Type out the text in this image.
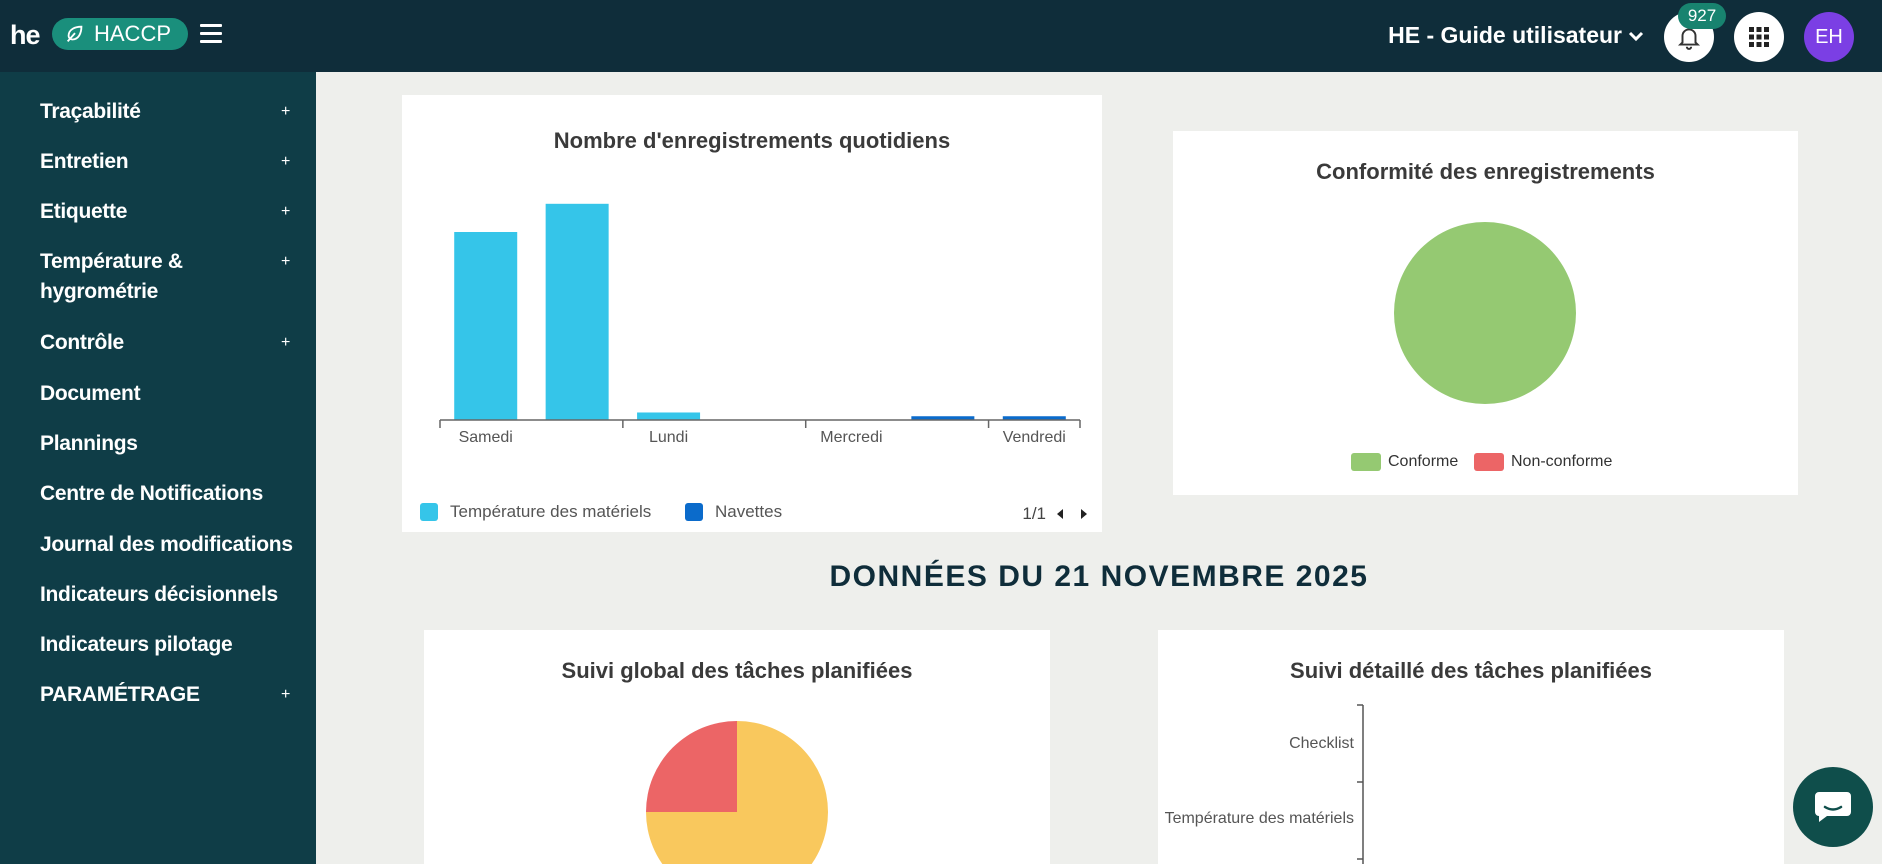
he HACCP	HE - Guide utilisateur
927
EH
Traçabilité	+
Entretien	+
Etiquette	+
Température & hygrométrie
+
Contrôle	+
Document
Plannings
Centre de Notifications
Journal des modifications
Indicateurs décisionnels
Indicateurs pilotage
PARAMÉTRAGE	+
Nombre d'enregistrements quotidiens
Samedi	Lundi	Mercredi	Vendredi
Température des matériels	Navettes	1/1
Conformité des enregistrements
Conforme	Non-conforme
DONNÉES DU 21 NOVEMBRE 2025
Suivi global des tâches planifiées	Suivi détaillé des tâches planifiées
Checklist
Température des matériels
